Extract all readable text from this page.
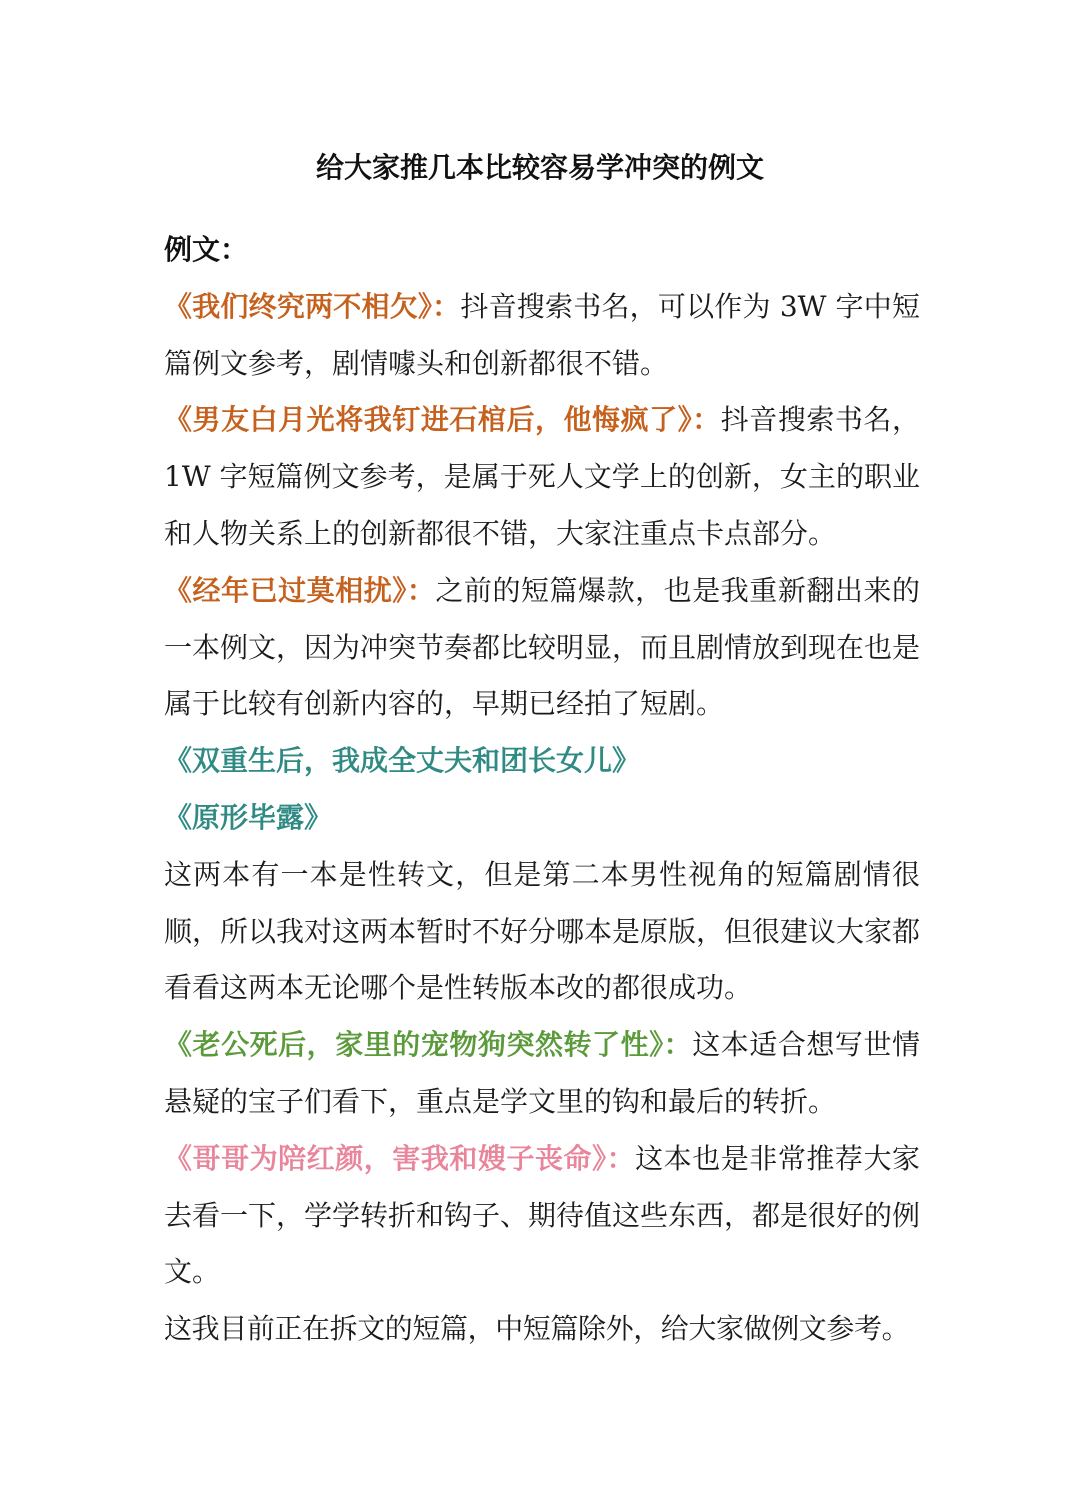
给大家推几本比较容易学冲突的例文

例文：

《我们终究两不相欠》：抖音搜索书名，可以作为 3W 字中短篇例文参考，剧情噱头和创新都很不错。

《男友白月光将我钉进石棺后，他悔疯了》：抖音搜索书名，1W 字短篇例文参考，是属于死人文学上的创新，女主的职业和人物关系上的创新都很不错，大家注重点卡点部分。

《经年已过莫相扰》：之前的短篇爆款，也是我重新翻出来的一本例文，因为冲突节奏都比较明显，而且剧情放到现在也是属于比较有创新内容的，早期已经拍了短剧。

《双重生后，我成全丈夫和团长女儿》

《原形毕露》

这两本有一本是性转文，但是第二本男性视角的短篇剧情很顺，所以我对这两本暂时不好分哪本是原版，但很建议大家都看看这两本无论哪个是性转版本改的都很成功。

《老公死后，家里的宠物狗突然转了性》：这本适合想写世情悬疑的宝子们看下，重点是学文里的钩和最后的转折。

《哥哥为陪红颜，害我和嫂子丧命》：这本也是非常推荐大家去看一下，学学转折和钩子、期待值这些东西，都是很好的例文。

这我目前正在拆文的短篇，中短篇除外，给大家做例文参考。
